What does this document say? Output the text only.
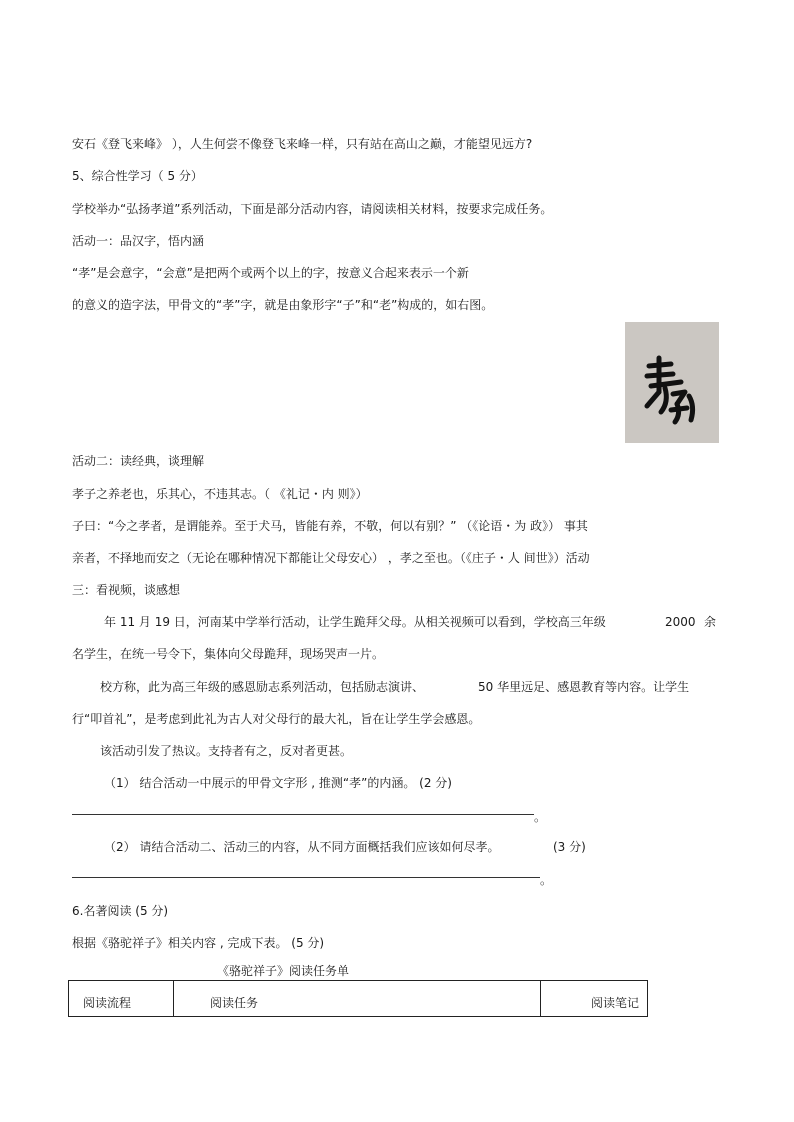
安石《登飞来峰》 ），人生何尝不像登飞来峰一样，只有站在高山之巅，才能望见远方?
5、综合性学习（ 5 分）
学校举办“弘扬孝道”系列活动，下面是部分活动内容，请阅读相关材料，按要求完成任务。
活动一：品汉字，悟内涵
“孝”是会意字，“会意”是把两个或两个以上的字，按意义合起来表示一个新
的意义的造字法，甲骨文的“孝”字，就是由象形字“子”和“老”构成的，如右图。
活动二：读经典，谈理解
孝子之养老也，乐其心，不违其志。（ 《礼记・内 则》）
子曰：“今之孝者，是谓能养。至于犬马，皆能有养，不敬，何以有别？” （《论语・为 政》） 事其
亲者，不择地而安之（无论在哪种情况下都能让父母安心） ，孝之至也。（《庄子・人 间世》）活动
三：看视频，谈感想
年 11 月 19 日，河南某中学举行活动，让学生跪拜父母。从相关视频可以看到，学校高三年级	2000 余
名学生，在统一号令下，集体向父母跪拜，现场哭声一片。
校方称，此为高三年级的感恩励志系列活动，包括励志演讲、	50 华里远足、感恩教育等内容。让学生
行“叩首礼”，是考虑到此礼为古人对父母行的最大礼，旨在让学生学会感恩。
该活动引发了热议。支持者有之，反对者更甚。
（1） 结合活动一中展示的甲骨文字形 , 推测“孝”的内涵。 (2 分)
。
（2） 请结合活动二、活动三的内容，从不同方面概括我们应该如何尽孝。	(3 分)
。
6.名著阅读 (5 分)
根据《骆驼祥子》相关内容 , 完成下表。 (5 分)
《骆驼祥子》阅读任务单
阅读流程	阅读任务	阅读笔记
